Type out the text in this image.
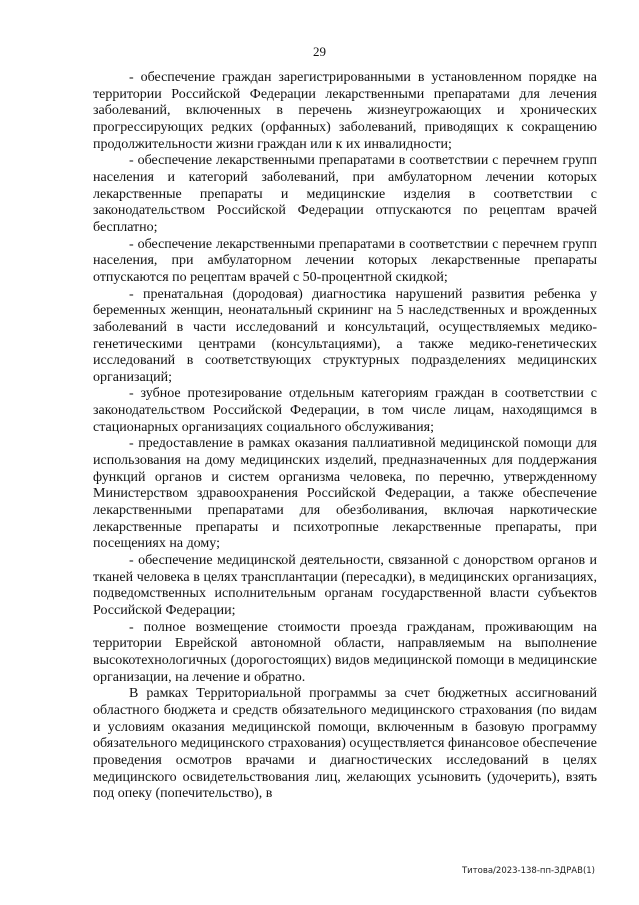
29

- обеспечение граждан зарегистрированными в установленном порядке на территории Российской Федерации лекарственными препаратами для лечения заболеваний, включенных в перечень жизнеугрожающих и хронических прогрессирующих редких (орфанных) заболеваний, приводящих к сокращению продолжительности жизни граждан или к их инвалидности;

- обеспечение лекарственными препаратами в соответствии с перечнем групп населения и категорий заболеваний, при амбулаторном лечении которых лекарственные препараты и медицинские изделия в соответствии с законодательством Российской Федерации отпускаются по рецептам врачей бесплатно;

- обеспечение лекарственными препаратами в соответствии с перечнем групп населения, при амбулаторном лечении которых лекарственные препараты отпускаются по рецептам врачей с 50-процентной скидкой;

- пренатальная (дородовая) диагностика нарушений развития ребенка у беременных женщин, неонатальный скрининг на 5 наследственных и врожденных заболеваний в части исследований и консультаций, осуществляемых медико-генетическими центрами (консультациями), а также медико-генетических исследований в соответствующих структурных подразделениях медицинских организаций;

- зубное протезирование отдельным категориям граждан в соответствии с законодательством Российской Федерации, в том числе лицам, находящимся в стационарных организациях социального обслуживания;

- предоставление в рамках оказания паллиативной медицинской помощи для использования на дому медицинских изделий, предназначенных для поддержания функций органов и систем организма человека, по перечню, утвержденному Министерством здравоохранения Российской Федерации, а также обеспечение лекарственными препаратами для обезболивания, включая наркотические лекарственные препараты и психотропные лекарственные препараты, при посещениях на дому;

- обеспечение медицинской деятельности, связанной с донорством органов и тканей человека в целях трансплантации (пересадки), в медицинских организациях, подведомственных исполнительным органам государственной власти субъектов Российской Федерации;

- полное возмещение стоимости проезда гражданам, проживающим на территории Еврейской автономной области, направляемым на выполнение высокотехнологичных (дорогостоящих) видов медицинской помощи в медицинские организации, на лечение и обратно.

В рамках Территориальной программы за счет бюджетных ассигнований областного бюджета и средств обязательного медицинского страхования (по видам и условиям оказания медицинской помощи, включенным в базовую программу обязательного медицинского страхования) осуществляется финансовое обеспечение проведения осмотров врачами и диагностических исследований в целях медицинского освидетельствования лиц, желающих усыновить (удочерить), взять под опеку (попечительство), в

Титова/2023-138-пп-ЗДРАВ(1)
